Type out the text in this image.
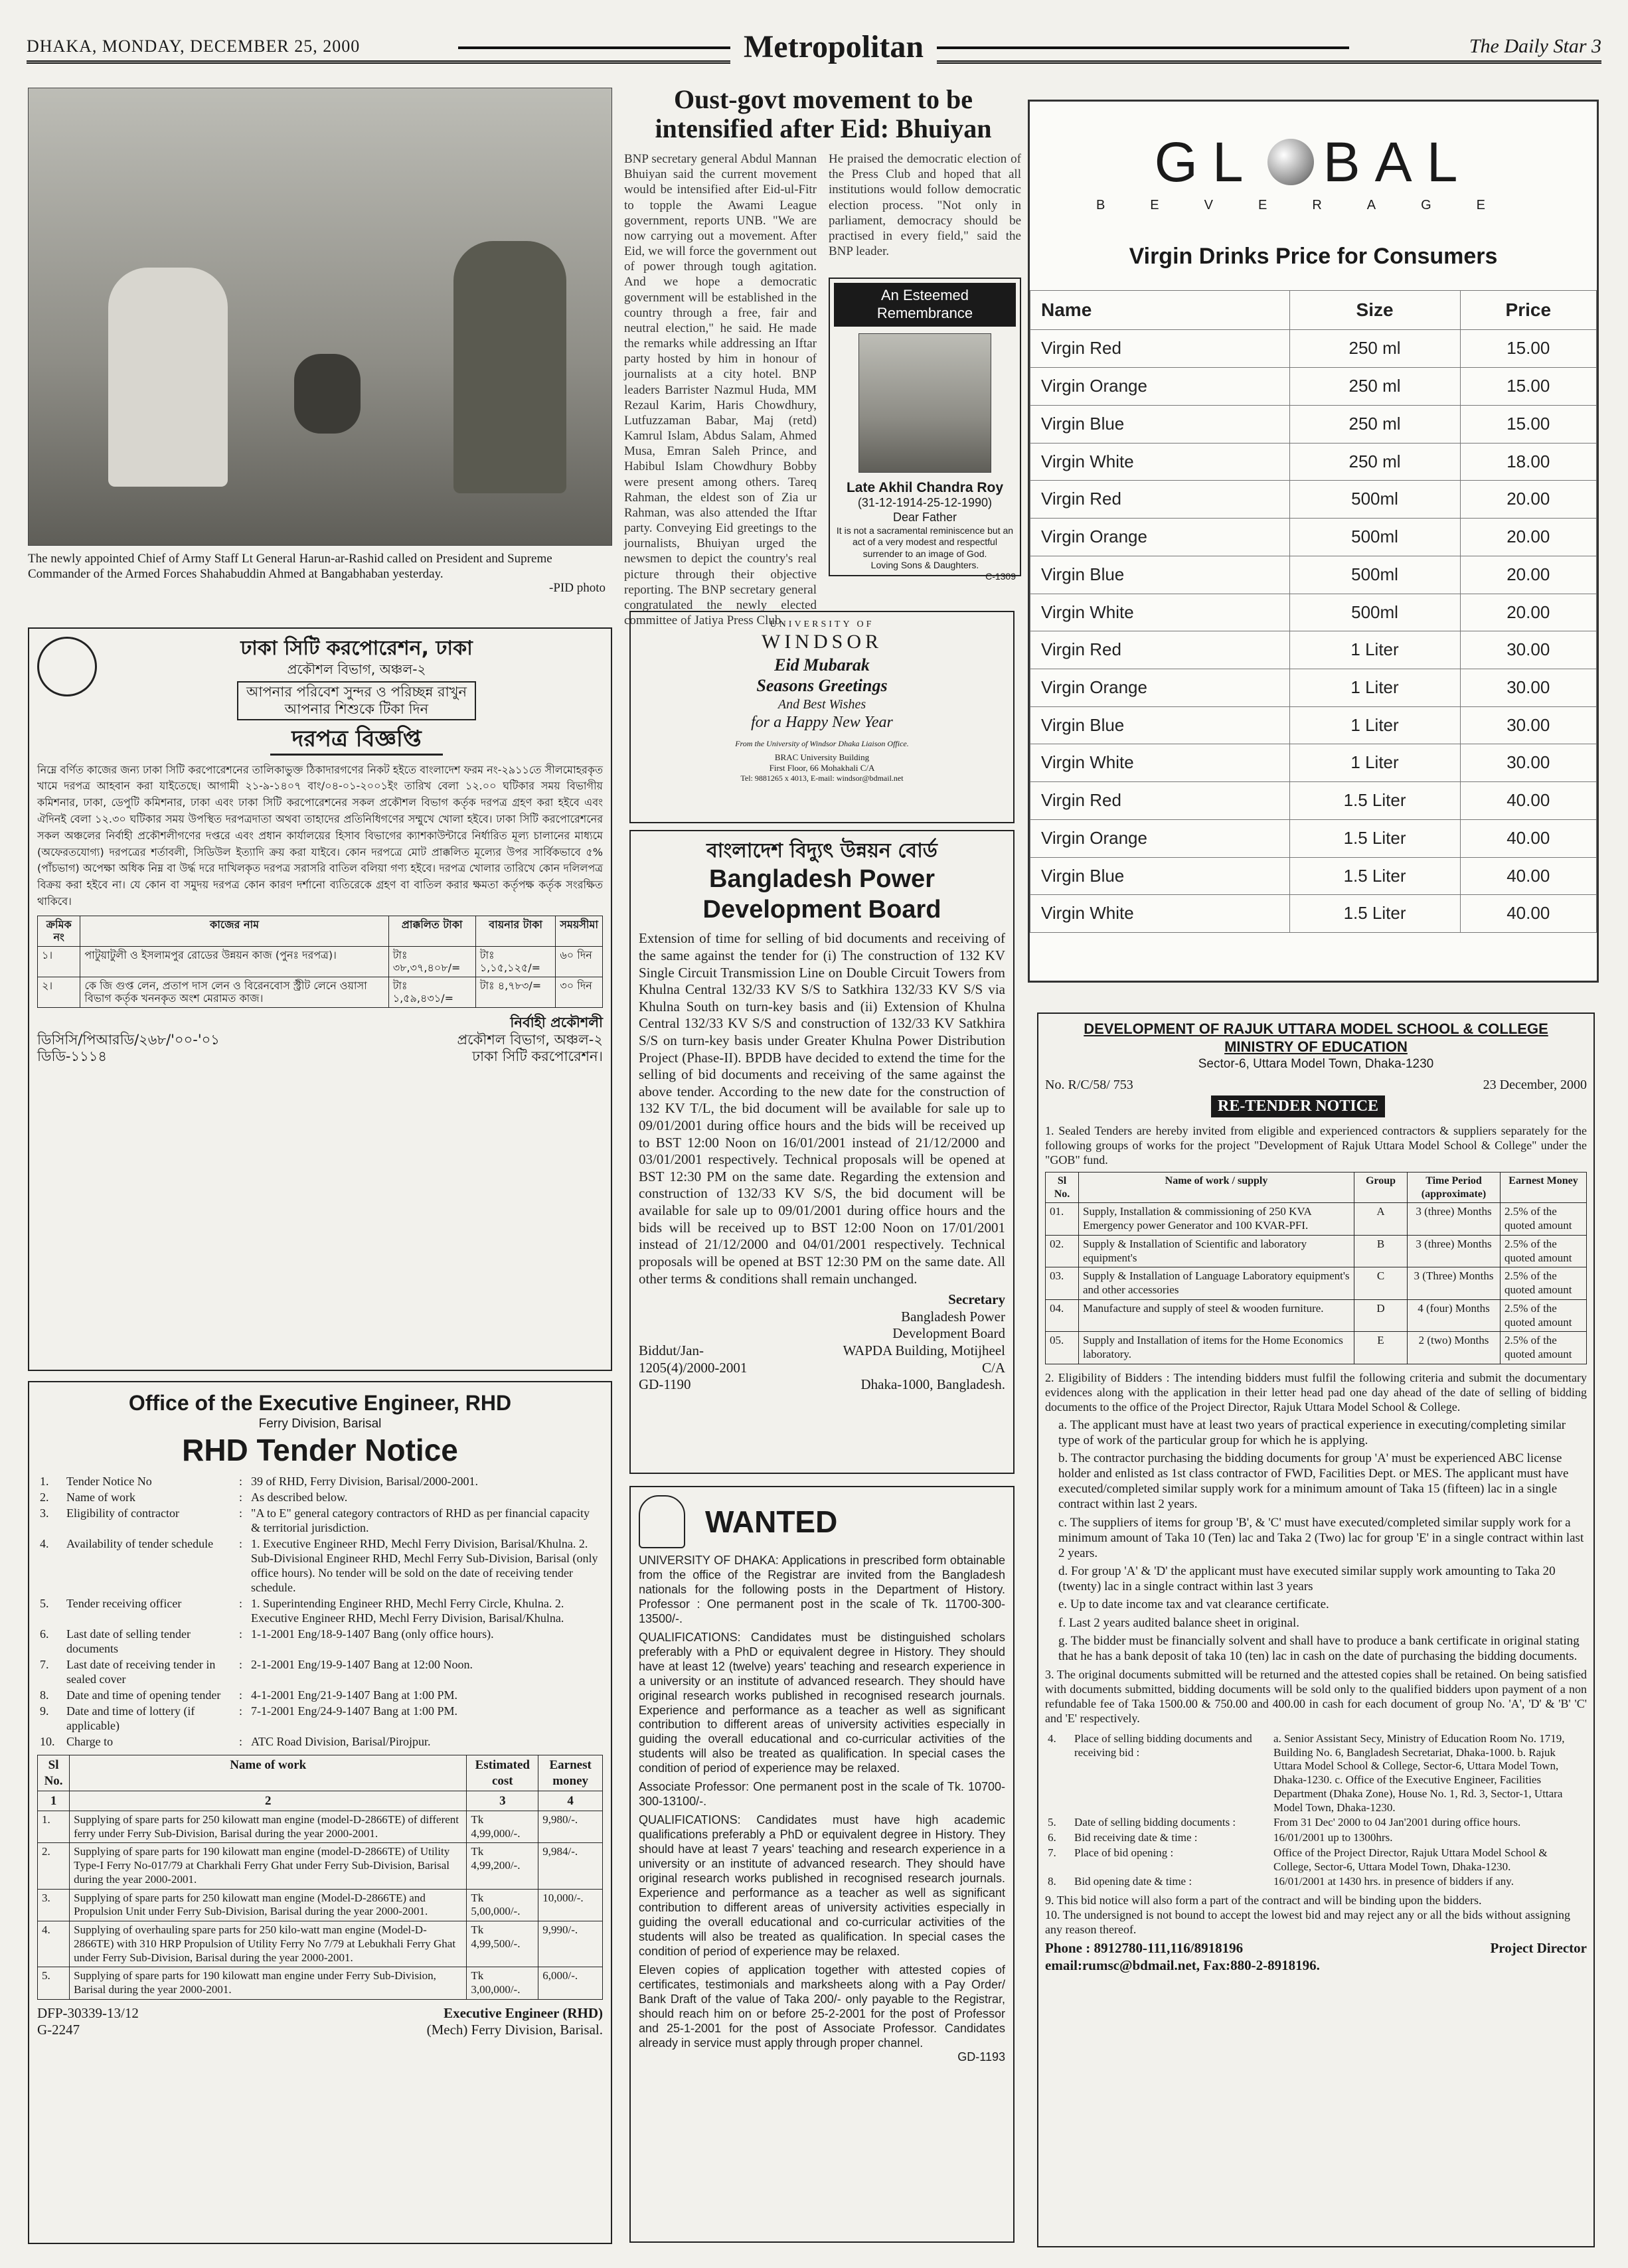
DHAKA, MONDAY, DECEMBER 25, 2000	Metropolitan	The Daily Star 3

The newly appointed Chief of Army Staff Lt General Harun-ar-Rashid called on President and Supreme Commander of the Armed Forces Shahabuddin Ahmed at Bangabhaban yesterday.

-PID photo

Oust-govt movement to be intensified after Eid: Bhuiyan

BNP secretary general Abdul Mannan Bhuiyan said the current movement would be intensified after Eid-ul-Fitr to topple the Awami League government, reports UNB. "We are now carrying out a movement. After Eid, we will force the government out of power through tough agitation. And we hope a democratic government will be established in the country through a free, fair and neutral election," he said. He made the remarks while addressing an Iftar party hosted by him in honour of journalists at a city hotel. BNP leaders Barrister Nazmul Huda, MM Rezaul Karim, Haris Chowdhury, Lutfuzzaman Babar, Maj (retd) Kamrul Islam, Abdus Salam, Ahmed Musa, Emran Saleh Prince, and Habibul Islam Chowdhury Bobby were present among others. Tareq Rahman, the eldest son of Zia ur Rahman, was also attended the Iftar party. Conveying Eid greetings to the journalists, Bhuiyan urged the newsmen to depict the country's real picture through their objective reporting. The BNP secretary general congratulated the newly elected committee of Jatiya Press Club.

He praised the democratic election of the Press Club and hoped that all institutions would follow democratic election process. "Not only in parliament, democracy should be practised in every field," said the BNP leader.

An Esteemed Remembrance
Late Akhil Chandra Roy
(31-12-1914-25-12-1990)
Dear Father
It is not a sacramental reminiscence but an act of a very modest and respectful surrender to an image of God.
Loving Sons & Daughters.
C-1309
UNIVERSITY OF
WINDSOR
Eid Mubarak
Seasons Greetings
And Best Wishes
for a Happy New Year
From the University of Windsor Dhaka Liaison Office.
BRAC University Building
First Floor, 66 Mohakhali C/A
Tel: 9881265 x 4013, E-mail: windsor@bdmail.net
বাংলাদেশ বিদ্যুৎ উন্নয়ন বোর্ড
Bangladesh Power
Development Board

Extension of time for selling of bid documents and receiving of the same against the tender for (i) The construction of 132 KV Single Circuit Transmission Line on Double Circuit Towers from Khulna Central 132/33 KV S/S to Satkhira 132/33 KV S/S via Khulna South on turn-key basis and (ii) Extension of Khulna Central 132/33 KV S/S and construction of 132/33 KV Satkhira S/S on turn-key basis under Greater Khulna Power Distribution Project (Phase-II). BPDB have decided to extend the time for the selling of bid documents and receiving of the same against the above tender. According to the new date for the construction of 132 KV T/L, the bid document will be available for sale up to 09/01/2001 during office hours and the bids will be received up to BST 12:00 Noon on 16/01/2001 instead of 21/12/2000 and 03/01/2001 respectively. Technical proposals will be opened at BST 12:30 PM on the same date. Regarding the extension and construction of 132/33 KV S/S, the bid document will be available for sale up to 09/01/2001 during office hours and the bids will be received up to BST 12:00 Noon on 17/01/2001 instead of 21/12/2000 and 04/01/2001 respectively. Technical proposals will be opened at BST 12:30 PM on the same date. All other terms & conditions shall remain unchanged.

Biddut/Jan-
1205(4)/2000-2001
GD-1190
Secretary
Bangladesh Power
Development Board
WAPDA Building, Motijheel
C/A
Dhaka-1000, Bangladesh.
WANTED

UNIVERSITY OF DHAKA: Applications in prescribed form obtainable from the office of the Registrar are invited from the Bangladesh nationals for the following posts in the Department of History. Professor : One permanent post in the scale of Tk. 11700-300-13500/-.

QUALIFICATIONS: Candidates must be distinguished scholars preferably with a PhD or equivalent degree in History. They should have at least 12 (twelve) years' teaching and research experience in a university or an institute of advanced research. They should have original research works published in recognised research journals. Experience and performance as a teacher as well as significant contribution to different areas of university activities especially in guiding the overall educational and co-curricular activities of the students will also be treated as qualification. In special cases the condition of period of experience may be relaxed.

Associate Professor: One permanent post in the scale of Tk. 10700-300-13100/-.

QUALIFICATIONS: Candidates must have high academic qualifications preferably a PhD or equivalent degree in History. They should have at least 7 years' teaching and research experience in a university or an institute of advanced research. They should have original research works published in recognised research journals. Experience and performance as a teacher as well as significant contribution to different areas of university activities especially in guiding the overall educational and co-curricular activities of the students will also be treated as qualification. In special cases the condition of period of experience may be relaxed.

Eleven copies of application together with attested copies of certificates, testimonials and marksheets along with a Pay Order/ Bank Draft of the value of Taka 200/- only payable to the Registrar, should reach him on or before 25-2-2001 for the post of Professor and 25-1-2001 for the post of Associate Professor. Candidates already in service must apply through proper channel.

GD-1193

ঢাকা সিটি করপোরেশন, ঢাকা
প্রকৌশল বিভাগ, অঞ্চল-২
আপনার পরিবেশ সুন্দর ও পরিচ্ছন্ন রাখুন
আপনার শিশুকে টিকা দিন
দরপত্র বিজ্ঞপ্তি

নিম্নে বর্ণিত কাজের জন্য ঢাকা সিটি করপোরেশনের তালিকাভুক্ত ঠিকাদারগণের নিকট হইতে বাংলাদেশ ফরম নং-২৯১১তে সীলমোহরকৃত খামে দরপত্র আহবান করা যাইতেছে। আগামী ২১-৯-১৪০৭ বাং/০৪-০১-২০০১ইং তারিখ বেলা ১২.০০ ঘটিকার সময় বিভাগীয় কমিশনার, ঢাকা, ডেপুটি কমিশনার, ঢাকা এবং ঢাকা সিটি করপোরেশনের সকল প্রকৌশল বিভাগ কর্তৃক দরপত্র গ্রহণ করা হইবে এবং ঐদিনই বেলা ১২.৩০ ঘটিকার সময় উপস্থিত দরপত্রদাতা অথবা তাহাদের প্রতিনিধিগণের সম্মুখে খোলা হইবে। ঢাকা সিটি করপোরেশনের সকল অঞ্চলের নির্বাহী প্রকৌশলীগণের দপ্তরে এবং প্রধান কার্যালয়ের হিসাব বিভাগের ক্যাশকাউন্টারে নির্ধারিত মূল্য চালানের মাধ্যমে (অফেরতযোগ্য) দরপত্রের শর্তাবলী, সিডিউল ইত্যাদি ক্রয় করা যাইবে। কোন দরপত্রে মোট প্রাক্কলিত মূল্যের উপর সার্বিকভাবে ৫% (পাঁচভাগ) অপেক্ষা অধিক নিম্ন বা উর্দ্ধ দরে দাখিলকৃত দরপত্র সরাসরি বাতিল বলিয়া গণ্য হইবে। দরপত্র খোলার তারিখে কোন দলিলপত্র বিক্রয় করা হইবে না। যে কোন বা সমুদয় দরপত্র কোন কারণ দর্শানো ব্যতিরেকে গ্রহণ বা বাতিল করার ক্ষমতা কর্তৃপক্ষ কর্তৃক সংরক্ষিত থাকিবে।

ক্রমিক নং	কাজের নাম	প্রাক্কলিত টাকা	বায়নার টাকা	সময়সীমা
১।	পাটুয়াটুলী ও ইসলামপুর রোডের উন্নয়ন কাজ (পুনঃ দরপত্র)।	টাঃ ৩৮,৩৭,৪০৮/=	টাঃ ১,১৫,১২৫/=	৬০ দিন
২।	কে জি গুপ্ত লেন, প্রতাপ দাস লেন ও বিরেনবোস স্ট্রীট লেনে ওয়াসা বিভাগ কর্তৃক খননকৃত অংশ মেরামত কাজ।	টাঃ ১,৫৯,৪৩১/=	টাঃ ৪,৭৮৩/=	৩০ দিন
ডিসিসি/পিআরডি/২৬৮/'০০-'০১
ডিডি-১১১৪
নির্বাহী প্রকৌশলী
প্রকৌশল বিভাগ, অঞ্চল-২
ঢাকা সিটি করপোরেশন।
Office of the Executive Engineer, RHD
Ferry Division, Barisal
RHD Tender Notice
1.	Tender Notice No	:	39 of RHD, Ferry Division, Barisal/2000-2001.
2.	Name of work	:	As described below.
3.	Eligibility of contractor	:	"A to E" general category contractors of RHD as per financial capacity & territorial jurisdiction.
4.	Availability of tender schedule	:	1. Executive Engineer RHD, Mechl Ferry Division, Barisal/Khulna. 2. Sub-Divisional Engineer RHD, Mechl Ferry Sub-Division, Barisal (only office hours). No tender will be sold on the date of receiving tender schedule.
5.	Tender receiving officer	:	1. Superintending Engineer RHD, Mechl Ferry Circle, Khulna. 2. Executive Engineer RHD, Mechl Ferry Division, Barisal/Khulna.
6.	Last date of selling tender documents	:	1-1-2001 Eng/18-9-1407 Bang (only office hours).
7.	Last date of receiving tender in sealed cover	:	2-1-2001 Eng/19-9-1407 Bang at 12:00 Noon.
8.	Date and time of opening tender	:	4-1-2001 Eng/21-9-1407 Bang at 1:00 PM.
9.	Date and time of lottery (if applicable)	:	7-1-2001 Eng/24-9-1407 Bang at 1:00 PM.
10.	Charge to	:	ATC Road Division, Barisal/Pirojpur.
Sl No.	Name of work	Estimated cost	Earnest money
1	2	3	4
1.	Supplying of spare parts for 250 kilowatt man engine (model-D-2866TE) of different ferry under Ferry Sub-Division, Barisal during the year 2000-2001.	Tk 4,99,000/-.	9,980/-.
2.	Supplying of spare parts for 190 kilowatt man engine (model-D-2866TE) of Utility Type-I Ferry No-017/79 at Charkhali Ferry Ghat under Ferry Sub-Division, Barisal during the year 2000-2001.	Tk 4,99,200/-.	9,984/-.
3.	Supplying of spare parts for 250 kilowatt man engine (Model-D-2866TE) and Propulsion Unit under Ferry Sub-Division, Barisal during the year 2000-2001.	Tk 5,00,000/-.	10,000/-.
4.	Supplying of overhauling spare parts for 250 kilo-watt man engine (Model-D-2866TE) with 310 HRP Propulsion of Utility Ferry No 7/79 at Lebukhali Ferry Ghat under Ferry Sub-Division, Barisal during the year 2000-2001.	Tk 4,99,500/-.	9,990/-.
5.	Supplying of spare parts for 190 kilowatt man engine under Ferry Sub-Division, Barisal during the year 2000-2001.	Tk 3,00,000/-.	6,000/-.
DFP-30339-13/12
G-2247
Executive Engineer (RHD)
(Mech) Ferry Division, Barisal.
GL BAL
BEVERAGE
Virgin Drinks Price for Consumers
Name	Size	Price
Virgin Red	250 ml	15.00
Virgin Orange	250 ml	15.00
Virgin Blue	250 ml	15.00
Virgin White	250 ml	18.00
Virgin Red	500ml	20.00
Virgin Orange	500ml	20.00
Virgin Blue	500ml	20.00
Virgin White	500ml	20.00
Virgin Red	1 Liter	30.00
Virgin Orange	1 Liter	30.00
Virgin Blue	1 Liter	30.00
Virgin White	1 Liter	30.00
Virgin Red	1.5 Liter	40.00
Virgin Orange	1.5 Liter	40.00
Virgin Blue	1.5 Liter	40.00
Virgin White	1.5 Liter	40.00
DEVELOPMENT OF RAJUK UTTARA MODEL SCHOOL & COLLEGE
MINISTRY OF EDUCATION
Sector-6, Uttara Model Town, Dhaka-1230
No. R/C/58/ 753	23 December, 2000
RE-TENDER NOTICE

1. Sealed Tenders are hereby invited from eligible and experienced contractors & suppliers separately for the following groups of works for the project "Development of Rajuk Uttara Model School & College" under the "GOB" fund.

Sl No.	Name of work / supply	Group	Time Period (approximate)	Earnest Money
01.	Supply, Installation & commissioning of 250 KVA Emergency power Generator and 100 KVAR-PFI.	A	3 (three) Months	2.5% of the quoted amount
02.	Supply & Installation of Scientific and laboratory equipment's	B	3 (three) Months	2.5% of the quoted amount
03.	Supply & Installation of Language Laboratory equipment's and other accessories	C	3 (Three) Months	2.5% of the quoted amount
04.	Manufacture and supply of steel & wooden furniture.	D	4 (four) Months	2.5% of the quoted amount
05.	Supply and Installation of items for the Home Economics laboratory.	E	2 (two) Months	2.5% of the quoted amount

2. Eligibility of Bidders : The intending bidders must fulfil the following criteria and submit the documentary evidences along with the application in their letter head pad one day ahead of the date of selling of bidding documents to the office of the Project Director, Rajuk Uttara Model School & College.

a. The applicant must have at least two years of practical experience in executing/completing similar type of work of the particular group for which he is applying.
b. The contractor purchasing the bidding documents for group 'A' must be experienced ABC license holder and enlisted as 1st class contractor of FWD, Facilities Dept. or MES. The applicant must have executed/completed similar supply work for a minimum amount of Taka 15 (fifteen) lac in a single contract within last 2 years.
c. The suppliers of items for group 'B', & 'C' must have executed/completed similar supply work for a minimum amount of Taka 10 (Ten) lac and Taka 2 (Two) lac for group 'E' in a single contract within last 2 years.
d. For group 'A' & 'D' the applicant must have executed similar supply work amounting to Taka 20 (twenty) lac in a single contract within last 3 years
e. Up to date income tax and vat clearance certificate.
f. Last 2 years audited balance sheet in original.
g. The bidder must be financially solvent and shall have to produce a bank certificate in original stating that he has a bank deposit of taka 10 (ten) lac in cash on the date of purchasing the bidding documents.

3. The original documents submitted will be returned and the attested copies shall be retained. On being satisfied with documents submitted, bidding documents will be sold only to the qualified bidders upon payment of a non refundable fee of Taka 1500.00 & 750.00 and 400.00 in cash for each document of group No. 'A', 'D' & 'B' 'C' and 'E' respectively.

4.	Place of selling bidding documents and receiving bid :	a. Senior Assistant Secy, Ministry of Education Room No. 1719, Building No. 6, Bangladesh Secretariat, Dhaka-1000. b. Rajuk Uttara Model School & College, Sector-6, Uttara Model Town, Dhaka-1230. c. Office of the Executive Engineer, Facilities Department (Dhaka Zone), House No. 1, Rd. 3, Sector-1, Uttara Model Town, Dhaka-1230.
5.	Date of selling bidding documents :	From 31 Dec' 2000 to 04 Jan'2001 during office hours.
6.	Bid receiving date & time :	16/01/2001 up to 1300hrs.
7.	Place of bid opening :	Office of the Project Director, Rajuk Uttara Model School & College, Sector-6, Uttara Model Town, Dhaka-1230.
8.	Bid opening date & time :	16/01/2001 at 1430 hrs. in presence of bidders if any.

9. This bid notice will also form a part of the contract and will be binding upon the bidders.

10. The undersigned is not bound to accept the lowest bid and may reject any or all the bids without assigning any reason thereof.

Phone : 8912780-111,116/8918196
email:rumsc@bdmail.net, Fax:880-2-8918196.
Project Director
